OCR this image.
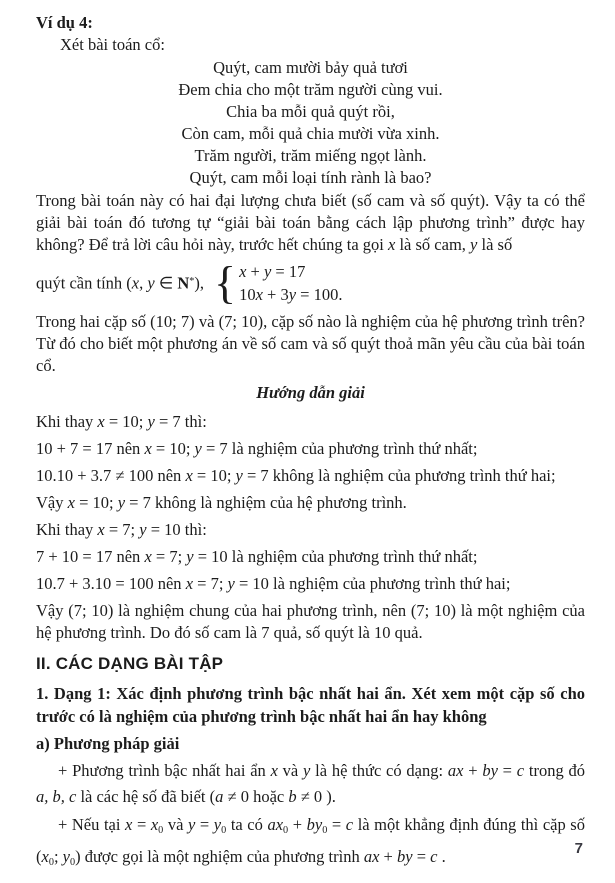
Ví dụ 4:
Xét bài toán cổ:
Quýt, cam mười bảy quả tươi
Đem chia cho một trăm người cùng vui.
Chia ba mỗi quả quýt rồi,
Còn cam, mỗi quả chia mười vừa xinh.
Trăm người, trăm miếng ngọt lành.
Quýt, cam mỗi loại tính rành là bao?
Trong bài toán này có hai đại lượng chưa biết (số cam và số quýt). Vậy ta có thể giải bài toán đó tương tự “giải bài toán bằng cách lập phương trình” được hay không? Để trả lời câu hỏi này, trước hết chúng ta gọi x là số cam, y là số
quýt cần tính (x, y ∈ N*), { x + y = 17
10x + 3y = 100.
Trong hai cặp số (10; 7) và (7; 10), cặp số nào là nghiệm của hệ phương trình trên? Từ đó cho biết một phương án về số cam và số quýt thoả mãn yêu cầu của bài toán cổ.
Hướng dẫn giải
Khi thay x = 10; y = 7 thì:
10 + 7 = 17 nên x = 10; y = 7 là nghiệm của phương trình thứ nhất;
10.10 + 3.7 ≠ 100 nên x = 10; y = 7 không là nghiệm của phương trình thứ hai;
Vậy x = 10; y = 7 không là nghiệm của hệ phương trình.
Khi thay x = 7; y = 10 thì:
7 + 10 = 17 nên x = 7; y = 10 là nghiệm của phương trình thứ nhất;
10.7 + 3.10 = 100 nên x = 7; y = 10 là nghiệm của phương trình thứ hai;
Vậy (7; 10) là nghiệm chung của hai phương trình, nên (7; 10) là một nghiệm của hệ phương trình. Do đó số cam là 7 quả, số quýt là 10 quả.
II. CÁC DẠNG BÀI TẬP
1. Dạng 1: Xác định phương trình bậc nhất hai ẩn. Xét xem một cặp số cho trước có là nghiệm của phương trình bậc nhất hai ẩn hay không
a) Phương pháp giải
+ Phương trình bậc nhất hai ẩn x và y là hệ thức có dạng: ax + by = c trong đó a, b, c là các hệ số đã biết (a ≠ 0 hoặc b ≠ 0 ).
+ Nếu tại x = x0 và y = y0 ta có ax0 + by0 = c là một khẳng định đúng thì cặp số (x0; y0) được gọi là một nghiệm của phương trình ax + by = c .	7
